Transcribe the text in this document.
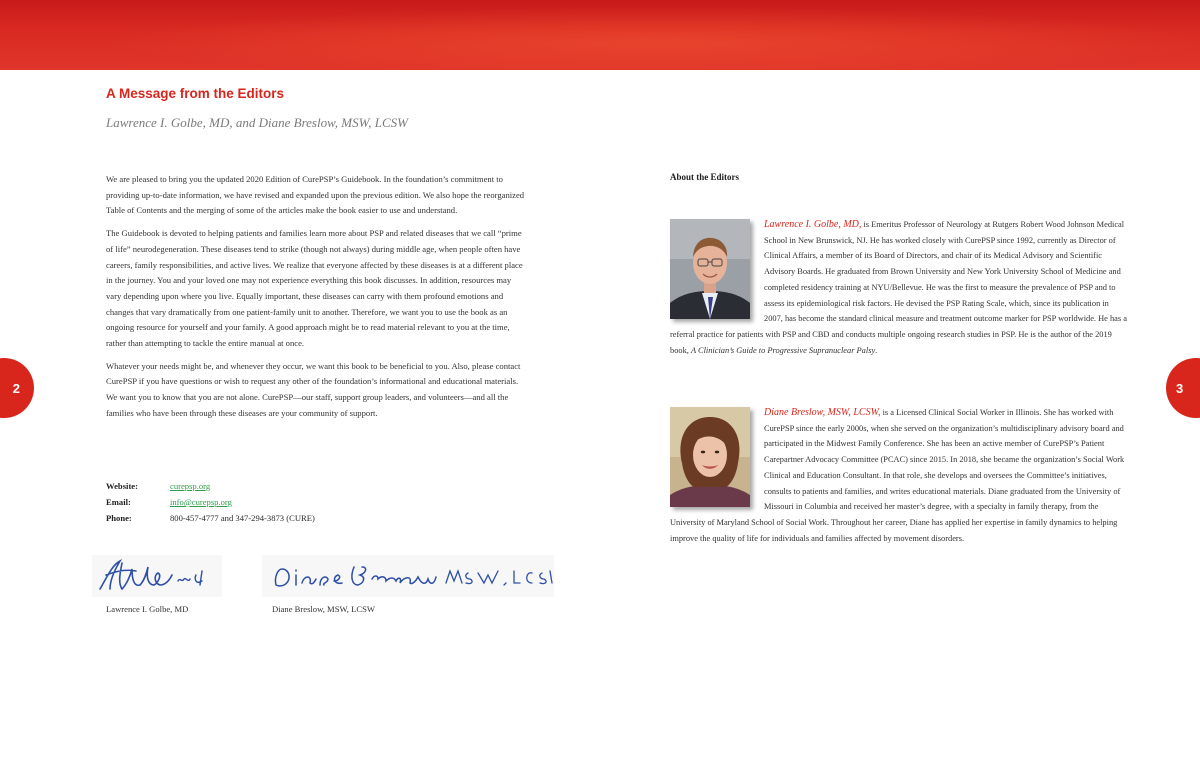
A Message from the Editors

Lawrence I. Golbe, MD, and Diane Breslow, MSW, LCSW

We are pleased to bring you the updated 2020 Edition of CurePSP’s Guidebook. In the foundation’s commitment to providing up-to-date information, we have revised and expanded upon the previous edition. We also hope the reorganized Table of Contents and the merging of some of the articles make the book easier to use and understand.

The Guidebook is devoted to helping patients and families learn more about PSP and related diseases that we call “prime of life” neurodegeneration. These diseases tend to strike (though not always) during middle age, when people often have careers, family responsibilities, and active lives. We realize that everyone affected by these diseases is at a different place in the journey. You and your loved one may not experience everything this book discusses. In addition, resources may vary depending upon where you live. Equally important, these diseases can carry with them profound emotions and changes that vary dramatically from one patient-family unit to another. Therefore, we want you to use the book as an ongoing resource for yourself and your family. A good approach might be to read material relevant to you at the time, rather than attempting to tackle the entire manual at once.

Whatever your needs might be, and whenever they occur, we want this book to be beneficial to you. Also, please contact CurePSP if you have questions or wish to request any other of the foundation’s informational and educational materials. We want you to know that you are not alone. CurePSP—our staff, support group leaders, and volunteers—and all the families who have been through these diseases are your community of support.

Website:	curepsp.org
Email:	info@curepsp.org
Phone:	800-457-4777 and 347-294-3873 (CURE)
Lawrence I. Golbe, MD	Diane Breslow, MSW, LCSW
About the Editors
Lawrence I. Golbe, MD, is Emeritus Professor of Neurology at Rutgers Robert Wood Johnson Medical School in New Brunswick, NJ. He has worked closely with CurePSP since 1992, currently as Director of Clinical Affairs, a member of its Board of Directors, and chair of its Medical Advisory and Scientific Advisory Boards. He graduated from Brown University and New York University School of Medicine and completed residency training at NYU/Bellevue. He was the first to measure the prevalence of PSP and to assess its epidemiological risk factors. He devised the PSP Rating Scale, which, since its publication in 2007, has become the standard clinical measure and treatment outcome marker for PSP worldwide. He has a referral practice for patients with PSP and CBD and conducts multiple ongoing research studies in PSP. He is the author of the 2019 book, A Clinician’s Guide to Progressive Supranuclear Palsy.
Diane Breslow, MSW, LCSW, is a Licensed Clinical Social Worker in Illinois. She has worked with CurePSP since the early 2000s, when she served on the organization’s multidisciplinary advisory board and participated in the Midwest Family Conference. She has been an active member of CurePSP’s Patient Carepartner Advocacy Committee (PCAC) since 2015. In 2018, she became the organization’s Social Work Clinical and Education Consultant. In that role, she develops and oversees the Committee’s initiatives, consults to patients and families, and writes educational materials. Diane graduated from the University of Missouri in Columbia and received her master’s degree, with a specialty in family therapy, from the University of Maryland School of Social Work. Throughout her career, Diane has applied her expertise in family dynamics to helping improve the quality of life for individuals and families affected by movement disorders.
2	3
